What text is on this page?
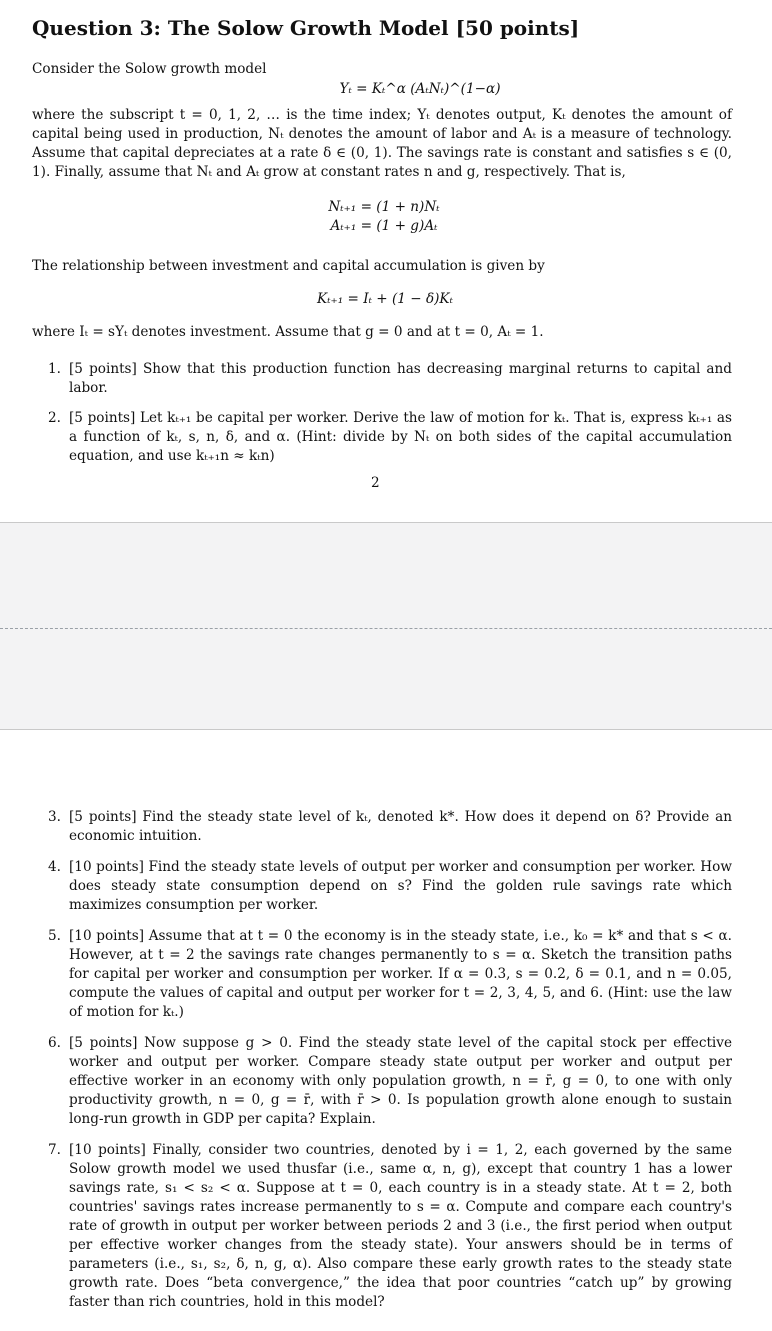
Question 3: The Solow Growth Model [50 points]

Consider the Solow growth model

Yₜ = Kₜ^α (AₜNₜ)^(1−α)

where the subscript t = 0, 1, 2, … is the time index; Yₜ denotes output, Kₜ denotes the amount of capital being used in production, Nₜ denotes the amount of labor and Aₜ is a measure of technology. Assume that capital depreciates at a rate δ ∈ (0, 1). The savings rate is constant and satisfies s ∈ (0, 1). Finally, assume that Nₜ and Aₜ grow at constant rates n and g, respectively. That is,

Nₜ₊₁ = (1 + n)Nₜ
Aₜ₊₁ = (1 + g)Aₜ

The relationship between investment and capital accumulation is given by

Kₜ₊₁ = Iₜ + (1 − δ)Kₜ

where Iₜ = sYₜ denotes investment. Assume that g = 0 and at t = 0, Aₜ = 1.

1. [5 points] Show that this production function has decreasing marginal returns to capital and labor.
2. [5 points] Let kₜ₊₁ be capital per worker. Derive the law of motion for kₜ. That is, express kₜ₊₁ as a function of kₜ, s, n, δ, and α. (Hint: divide by Nₜ on both sides of the capital accumulation equation, and use kₜ₊₁n ≈ kₜn)
2
3. [5 points] Find the steady state level of kₜ, denoted k*. How does it depend on δ? Provide an economic intuition.
4. [10 points] Find the steady state levels of output per worker and consumption per worker. How does steady state consumption depend on s? Find the golden rule savings rate which maximizes consumption per worker.
5. [10 points] Assume that at t = 0 the economy is in the steady state, i.e., k₀ = k* and that s < α. However, at t = 2 the savings rate changes permanently to s = α. Sketch the transition paths for capital per worker and consumption per worker. If α = 0.3, s = 0.2, δ = 0.1, and n = 0.05, compute the values of capital and output per worker for t = 2, 3, 4, 5, and 6. (Hint: use the law of motion for kₜ.)
6. [5 points] Now suppose g > 0. Find the steady state level of the capital stock per effective worker and output per worker. Compare steady state output per worker and output per effective worker in an economy with only population growth, n = r̄, g = 0, to one with only productivity growth, n = 0, g = r̄, with r̄ > 0. Is population growth alone enough to sustain long-run growth in GDP per capita? Explain.
7. [10 points] Finally, consider two countries, denoted by i = 1, 2, each governed by the same Solow growth model we used thusfar (i.e., same α, n, g), except that country 1 has a lower savings rate, s₁ < s₂ < α. Suppose at t = 0, each country is in a steady state. At t = 2, both countries' savings rates increase permanently to s = α. Compute and compare each country's rate of growth in output per worker between periods 2 and 3 (i.e., the first period when output per effective worker changes from the steady state). Your answers should be in terms of parameters (i.e., s₁, s₂, δ, n, g, α). Also compare these early growth rates to the steady state growth rate. Does “beta convergence,” the idea that poor countries “catch up” by growing faster than rich countries, hold in this model?
